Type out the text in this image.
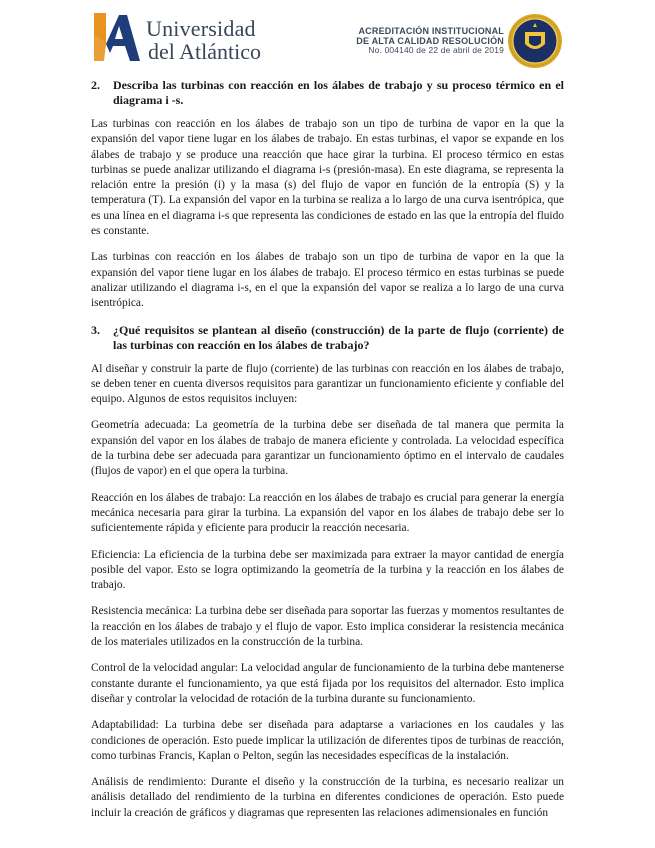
Universidad
del Atlántico
ACREDITACIÓN INSTITUCIONAL
DE ALTA CALIDAD RESOLUCIÓN
No. 004140 de 22 de abril de 2019
2.	Describa las turbinas con reacción en los álabes de trabajo y su proceso térmico en el diagrama i -s.

Las turbinas con reacción en los álabes de trabajo son un tipo de turbina de vapor en la que la expansión del vapor tiene lugar en los álabes de trabajo. En estas turbinas, el vapor se expande en los álabes de trabajo y se produce una reacción que hace girar la turbina. El proceso térmico en estas turbinas se puede analizar utilizando el diagrama i-s (presión-masa). En este diagrama, se representa la relación entre la presión (i) y la masa (s) del flujo de vapor en función de la entropía (S) y la temperatura (T). La expansión del vapor en la turbina se realiza a lo largo de una curva isentrópica, que es una línea en el diagrama i-s que representa las condiciones de estado en las que la entropía del fluido es constante.

Las turbinas con reacción en los álabes de trabajo son un tipo de turbina de vapor en la que la expansión del vapor tiene lugar en los álabes de trabajo. El proceso térmico en estas turbinas se puede analizar utilizando el diagrama i-s, en el que la expansión del vapor se realiza a lo largo de una curva isentrópica.

3.	¿Qué requisitos se plantean al diseño (construcción) de la parte de flujo (corriente) de las turbinas con reacción en los álabes de trabajo?

Al diseñar y construir la parte de flujo (corriente) de las turbinas con reacción en los álabes de trabajo, se deben tener en cuenta diversos requisitos para garantizar un funcionamiento eficiente y confiable del equipo. Algunos de estos requisitos incluyen:

Geometría adecuada: La geometría de la turbina debe ser diseñada de tal manera que permita la expansión del vapor en los álabes de trabajo de manera eficiente y controlada. La velocidad específica de la turbina debe ser adecuada para garantizar un funcionamiento óptimo en el intervalo de caudales (flujos de vapor) en el que opera la turbina.

Reacción en los álabes de trabajo: La reacción en los álabes de trabajo es crucial para generar la energía mecánica necesaria para girar la turbina. La expansión del vapor en los álabes de trabajo debe ser lo suficientemente rápida y eficiente para producir la reacción necesaria.

Eficiencia: La eficiencia de la turbina debe ser maximizada para extraer la mayor cantidad de energía posible del vapor. Esto se logra optimizando la geometría de la turbina y la reacción en los álabes de trabajo.

Resistencia mecánica: La turbina debe ser diseñada para soportar las fuerzas y momentos resultantes de la reacción en los álabes de trabajo y el flujo de vapor. Esto implica considerar la resistencia mecánica de los materiales utilizados en la construcción de la turbina.

Control de la velocidad angular: La velocidad angular de funcionamiento de la turbina debe mantenerse constante durante el funcionamiento, ya que está fijada por los requisitos del alternador. Esto implica diseñar y controlar la velocidad de rotación de la turbina durante su funcionamiento.

Adaptabilidad: La turbina debe ser diseñada para adaptarse a variaciones en los caudales y las condiciones de operación. Esto puede implicar la utilización de diferentes tipos de turbinas de reacción, como turbinas Francis, Kaplan o Pelton, según las necesidades específicas de la instalación.

Análisis de rendimiento: Durante el diseño y la construcción de la turbina, es necesario realizar un análisis detallado del rendimiento de la turbina en diferentes condiciones de operación. Esto puede incluir la creación de gráficos y diagramas que representen las relaciones adimensionales en función
